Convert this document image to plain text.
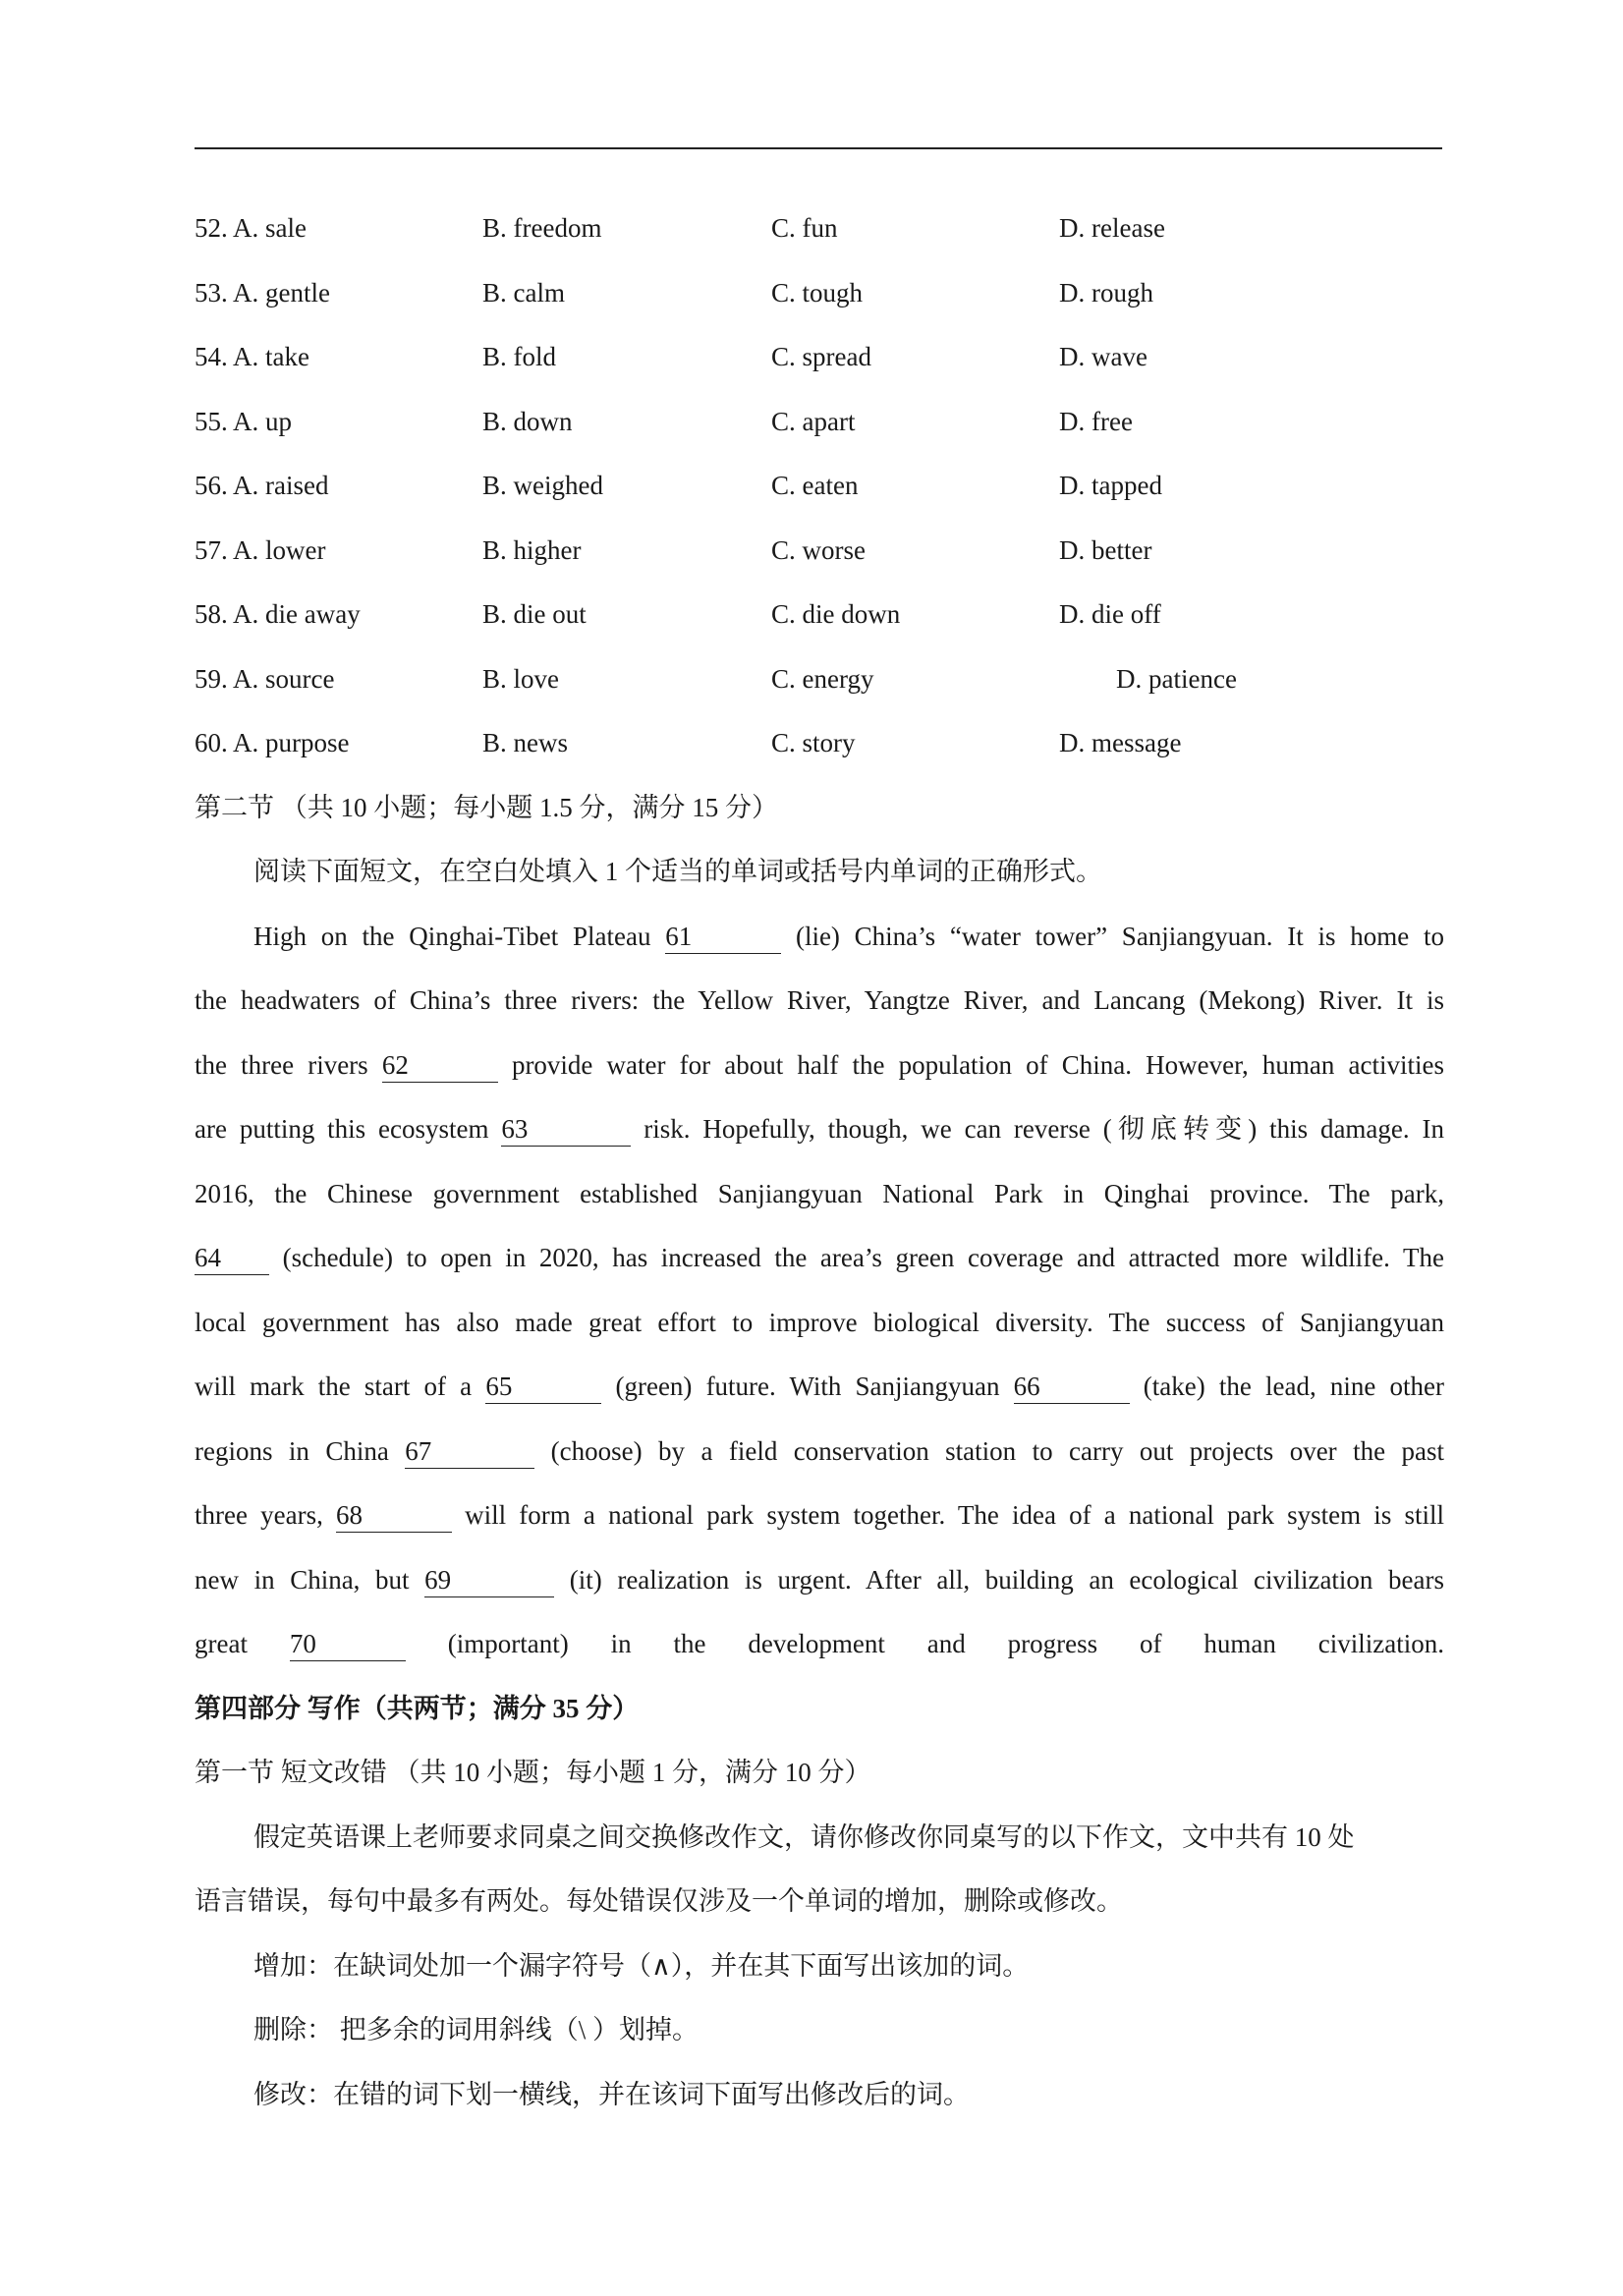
52. A. sale	B. freedom	C. fun	D. release
53. A. gentle	B. calm	C. tough	D. rough
54. A. take	B. fold	C. spread	D. wave
55. A. up	B. down	C. apart	D. free
56. A. raised	B. weighed	C. eaten	D. tapped
57. A. lower	B. higher	C. worse	D. better
58. A. die away	B. die out	C. die down	D. die off
59. A. source	B. love	C. energy	D. patience
60. A. purpose	B. news	C. story	D. message
第二节 （共 10 小题；每小题 1.5 分，满分 15 分）
阅读下面短文，在空白处填入 1 个适当的单词或括号内单词的正确形式。
High on the Qinghai-Tibet Plateau 61	(lie) China’s “water tower” Sanjiangyuan. It is home to
the headwaters of China’s three rivers: the Yellow River, Yangtze River, and Lancang (Mekong) River. It is
the three rivers 62	provide water for about half the population of China. However, human activities
are putting this ecosystem 63	risk. Hopefully, though, we can reverse (彻底转变) this damage. In
2016, the Chinese government established Sanjiangyuan National Park in Qinghai province. The park,
64 (schedule) to open in 2020, has increased the area’s green coverage and attracted more wildlife. The
local government has also made great effort to improve biological diversity. The success of Sanjiangyuan
will mark the start of a 65	(green) future. With Sanjiangyuan 66	(take) the lead, nine other
regions in China 67	(choose) by a field conservation station to carry out projects over the past
three years, 68	will form a national park system together. The idea of a national park system is still
new in China, but 69	(it) realization is urgent. After all, building an ecological civilization bears
great 70	(important) in the development and progress of human civilization.
第四部分 写作（共两节；满分 35 分）
第一节 短文改错 （共 10 小题；每小题 1 分，满分 10 分）
假定英语课上老师要求同桌之间交换修改作文，请你修改你同桌写的以下作文，文中共有 10 处
语言错误，每句中最多有两处。每处错误仅涉及一个单词的增加，删除或修改。
增加：在缺词处加一个漏字符号（∧），并在其下面写出该加的词。
删除： 把多余的词用斜线（\ ）划掉。
修改：在错的词下划一横线，并在该词下面写出修改后的词。
